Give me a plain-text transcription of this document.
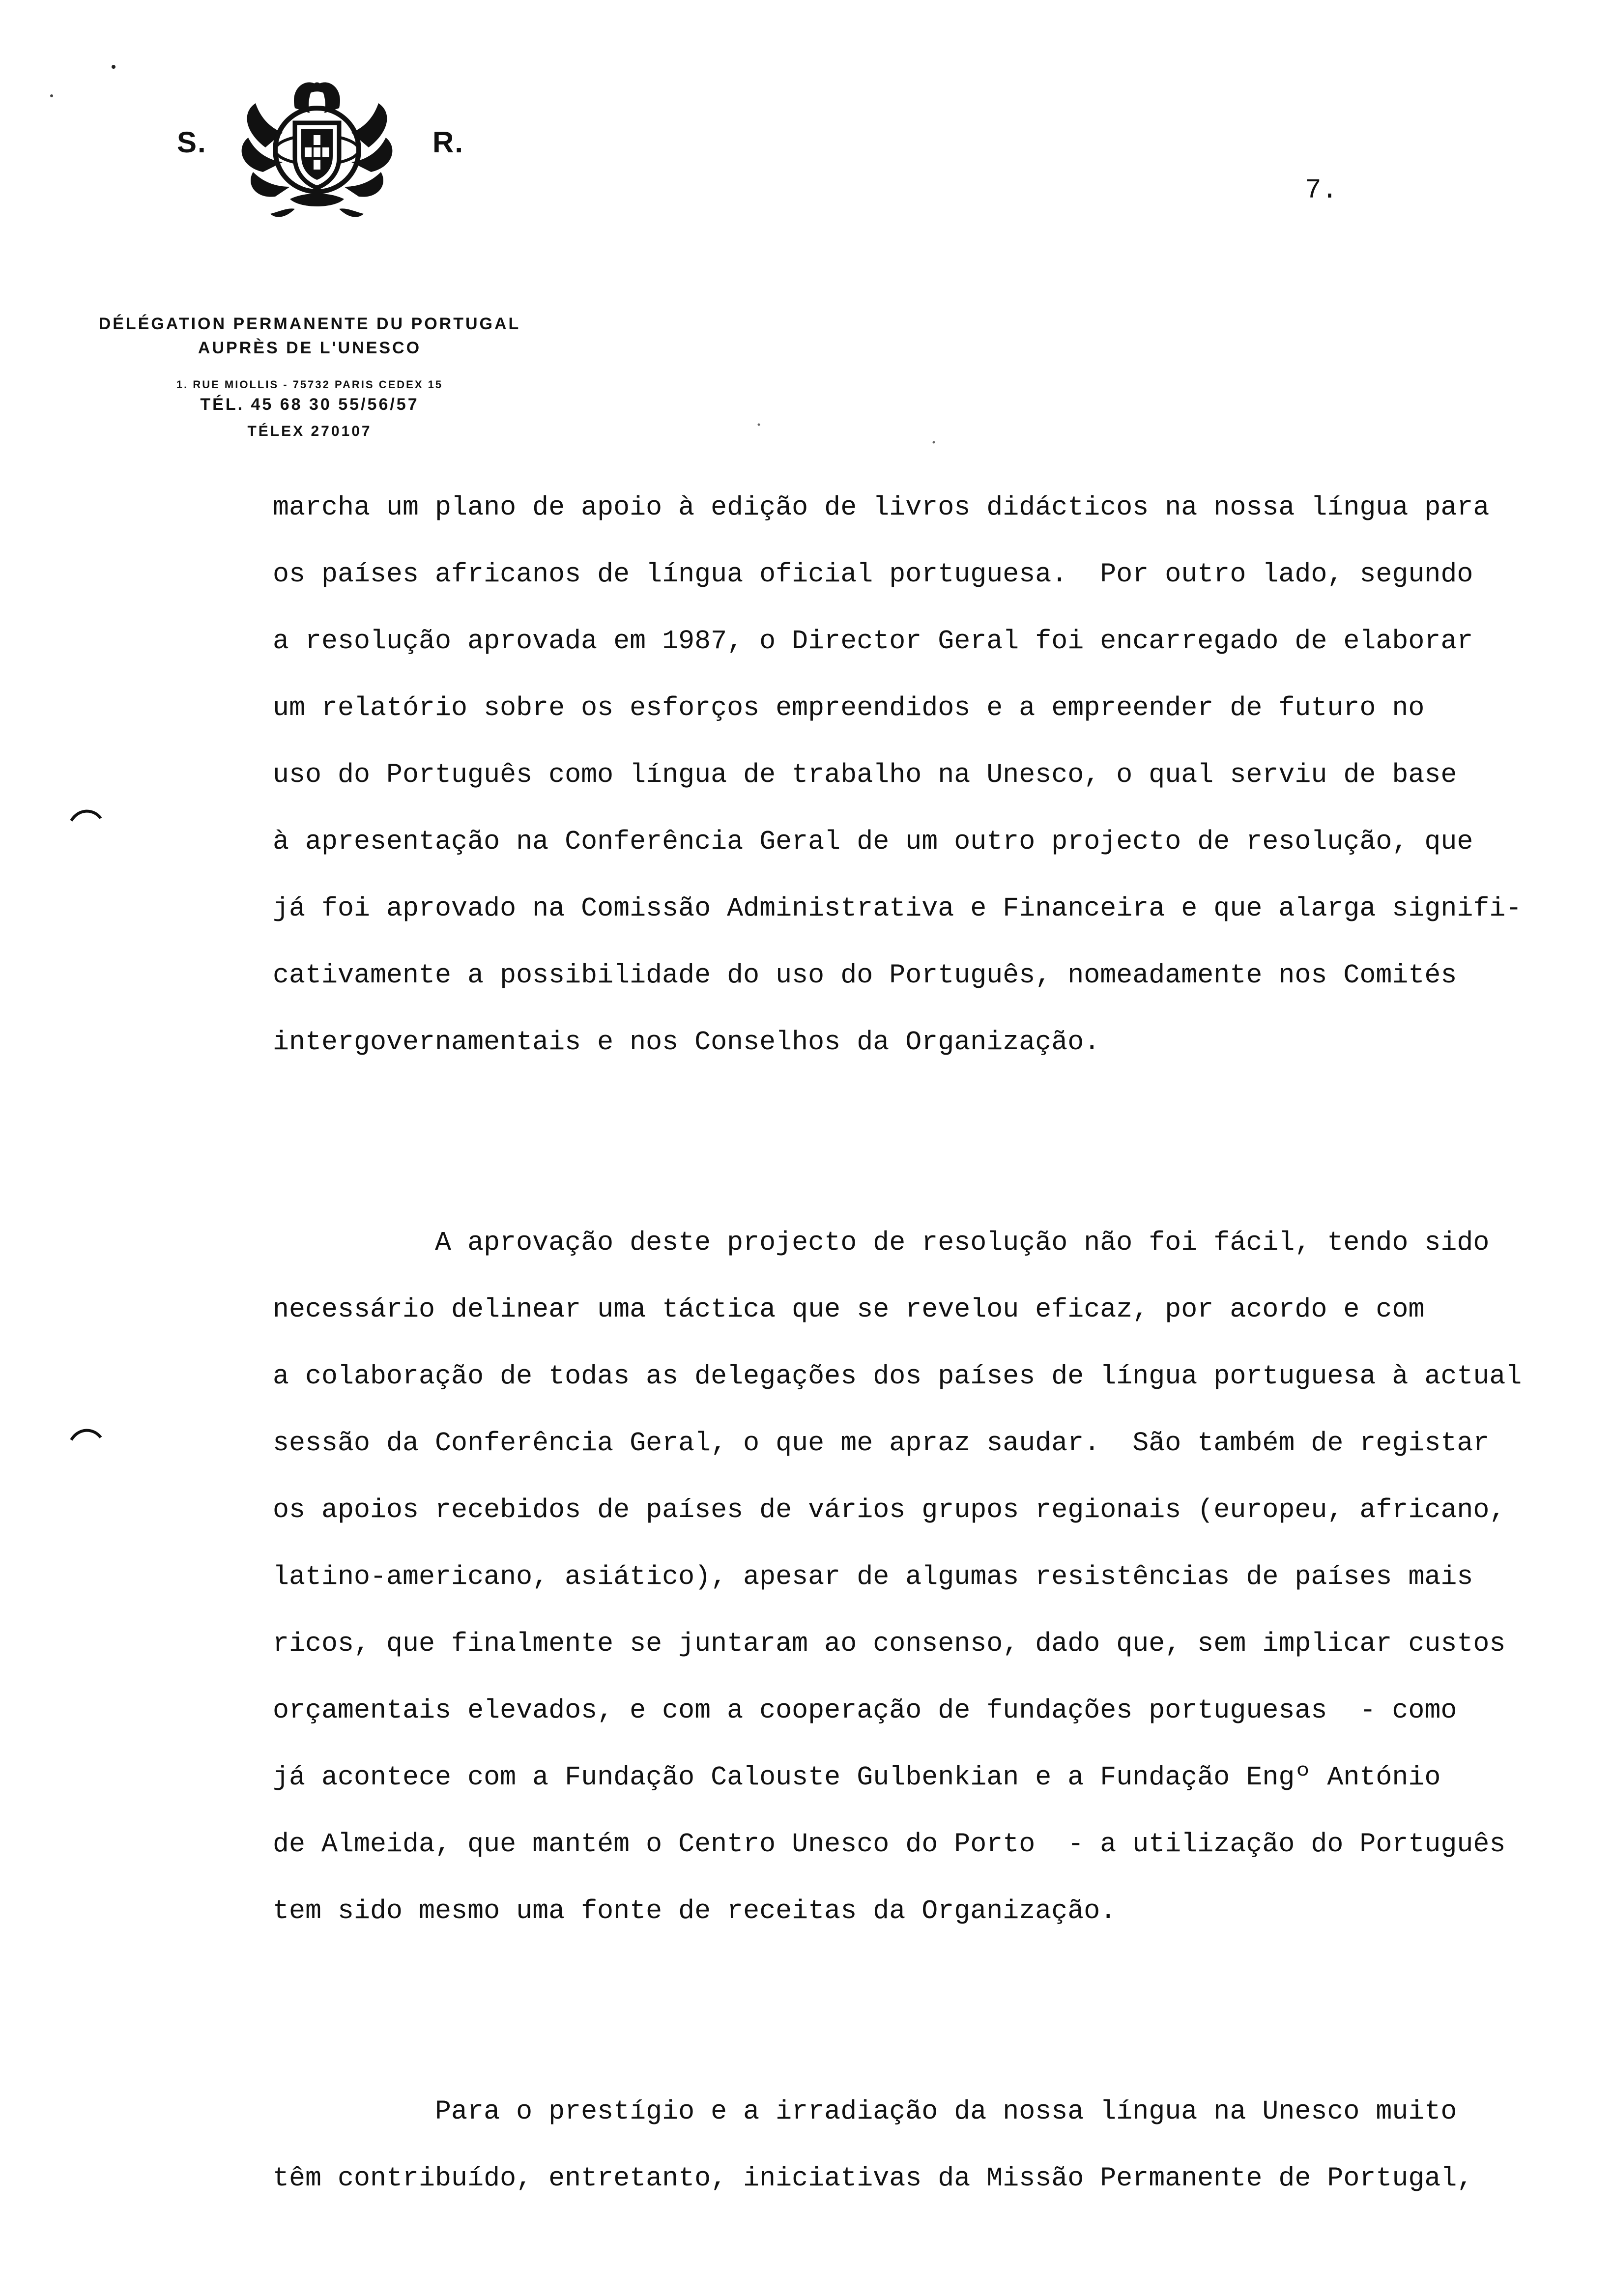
S.	R.
DÉLÉGATION PERMANENTE DU PORTUGAL
AUPRÈS DE L'UNESCO
1. RUE MIOLLIS - 75732 PARIS CEDEX 15
TÉL. 45 68 30 55/56/57
TÉLEX 270107
7.
marcha um plano de apoio à edição de livros didácticos na nossa língua para
os países africanos de língua oficial portuguesa.  Por outro lado, segundo
a resolução aprovada em 1987, o Director Geral foi encarregado de elaborar
um relatório sobre os esforços empreendidos e a empreender de futuro no
uso do Português como língua de trabalho na Unesco, o qual serviu de base
à apresentação na Conferência Geral de um outro projecto de resolução, que
já foi aprovado na Comissão Administrativa e Financeira e que alarga signifi-
cativamente a possibilidade do uso do Português, nomeadamente nos Comités
intergovernamentais e nos Conselhos da Organização.
A aprovação deste projecto de resolução não foi fácil, tendo sido
necessário delinear uma táctica que se revelou eficaz, por acordo e com
a colaboração de todas as delegações dos países de língua portuguesa à actual
sessão da Conferência Geral, o que me apraz saudar.  São também de registar
os apoios recebidos de países de vários grupos regionais (europeu, africano,
latino-americano, asiático), apesar de algumas resistências de países mais
ricos, que finalmente se juntaram ao consenso, dado que, sem implicar custos
orçamentais elevados, e com a cooperação de fundações portuguesas  - como
já acontece com a Fundação Calouste Gulbenkian e a Fundação Engº António
de Almeida, que mantém o Centro Unesco do Porto  - a utilização do Português
tem sido mesmo uma fonte de receitas da Organização.
Para o prestígio e a irradiação da nossa língua na Unesco muito
têm contribuído, entretanto, iniciativas da Missão Permanente de Portugal,
